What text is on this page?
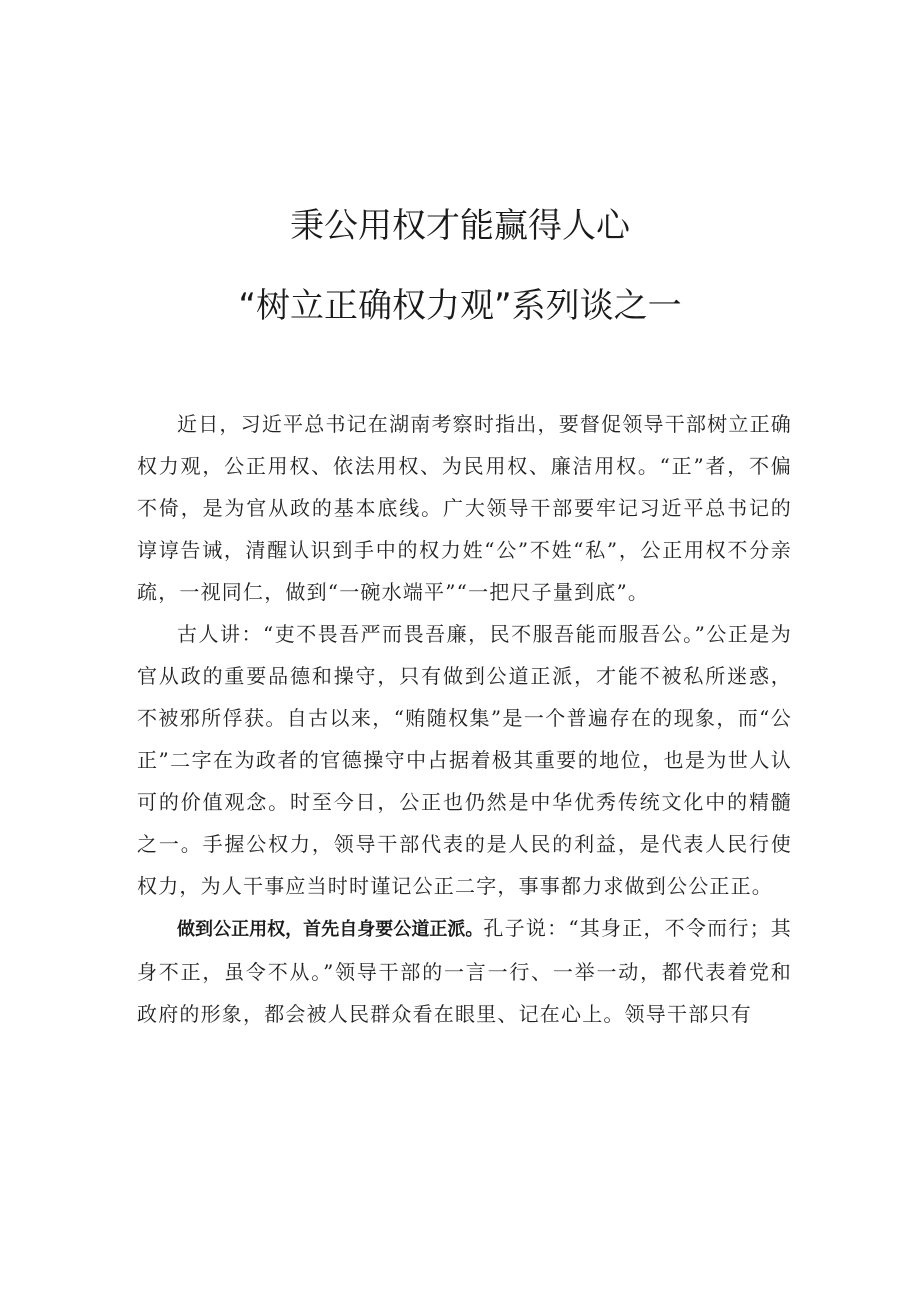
秉公用权才能赢得人心
“树立正确权力观”系列谈之一

近日，习近平总书记在湖南考察时指出，要督促领导干部树立正确权力观，公正用权、依法用权、为民用权、廉洁用权。“正”者，不偏不倚，是为官从政的基本底线。广大领导干部要牢记习近平总书记的谆谆告诫，清醒认识到手中的权力姓“公”不姓“私”，公正用权不分亲疏，一视同仁，做到“一碗水端平”“一把尺子量到底”。

古人讲：“吏不畏吾严而畏吾廉，民不服吾能而服吾公。”公正是为官从政的重要品德和操守，只有做到公道正派，才能不被私所迷惑，不被邪所俘获。自古以来，“贿随权集”是一个普遍存在的现象，而“公正”二字在为政者的官德操守中占据着极其重要的地位，也是为世人认可的价值观念。时至今日，公正也仍然是中华优秀传统文化中的精髓之一。手握公权力，领导干部代表的是人民的利益，是代表人民行使权力，为人干事应当时时谨记公正二字，事事都力求做到公公正正。

做到公正用权，首先自身要公道正派。孔子说：“其身正，不令而行；其身不正，虽令不从。”领导干部的一言一行、一举一动，都代表着党和政府的形象，都会被人民群众看在眼里、记在心上。领导干部只有
